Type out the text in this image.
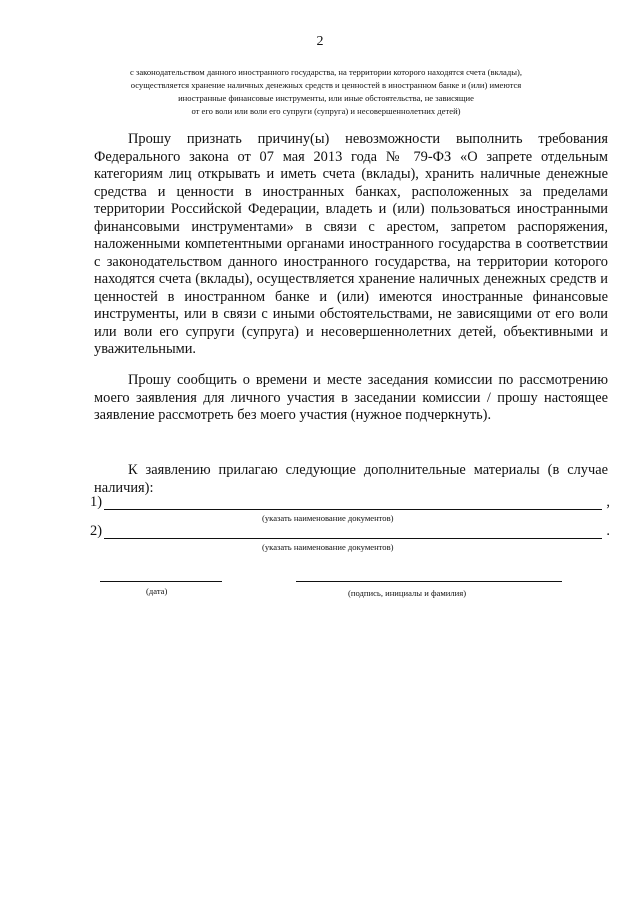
2
с законодательством данного иностранного государства, на территории которого находятся счета (вклады),
осуществляется хранение наличных денежных средств и ценностей в иностранном банке и (или) имеются
иностранные финансовые инструменты, или иные обстоятельства, не зависящие
от его воли или воли его супруги (супруга) и несовершеннолетних детей)

Прошу признать причину(ы) невозможности выполнить требования Федерального закона от 07 мая 2013 года № 79-ФЗ «О запрете отдельным категориям лиц открывать и иметь счета (вклады), хранить наличные денежные средства и ценности в иностранных банках, расположенных за пределами территории Российской Федерации, владеть и (или) пользоваться иностранными финансовыми инструментами» в связи с арестом, запретом распоряжения, наложенными компетентными органами иностранного государства в соответствии с законодательством данного иностранного государства, на территории которого находятся счета (вклады), осуществляется хранение наличных денежных средств и ценностей в иностранном банке и (или) имеются иностранные финансовые инструменты, или в связи с иными обстоятельствами, не зависящими от его воли или воли его супруги (супруга) и несовершеннолетних детей, объективными и уважительными.

Прошу сообщить о времени и месте заседания комиссии по рассмотрению моего заявления для личного участия в заседании комиссии / прошу настоящее заявление рассмотреть без моего участия (нужное подчеркнуть).

К заявлению прилагаю следующие дополнительные материалы (в случае наличия):

1)	,
(указать наименование документов)
2)	.
(указать наименование документов)
(дата)	(подпись, инициалы и фамилия)
